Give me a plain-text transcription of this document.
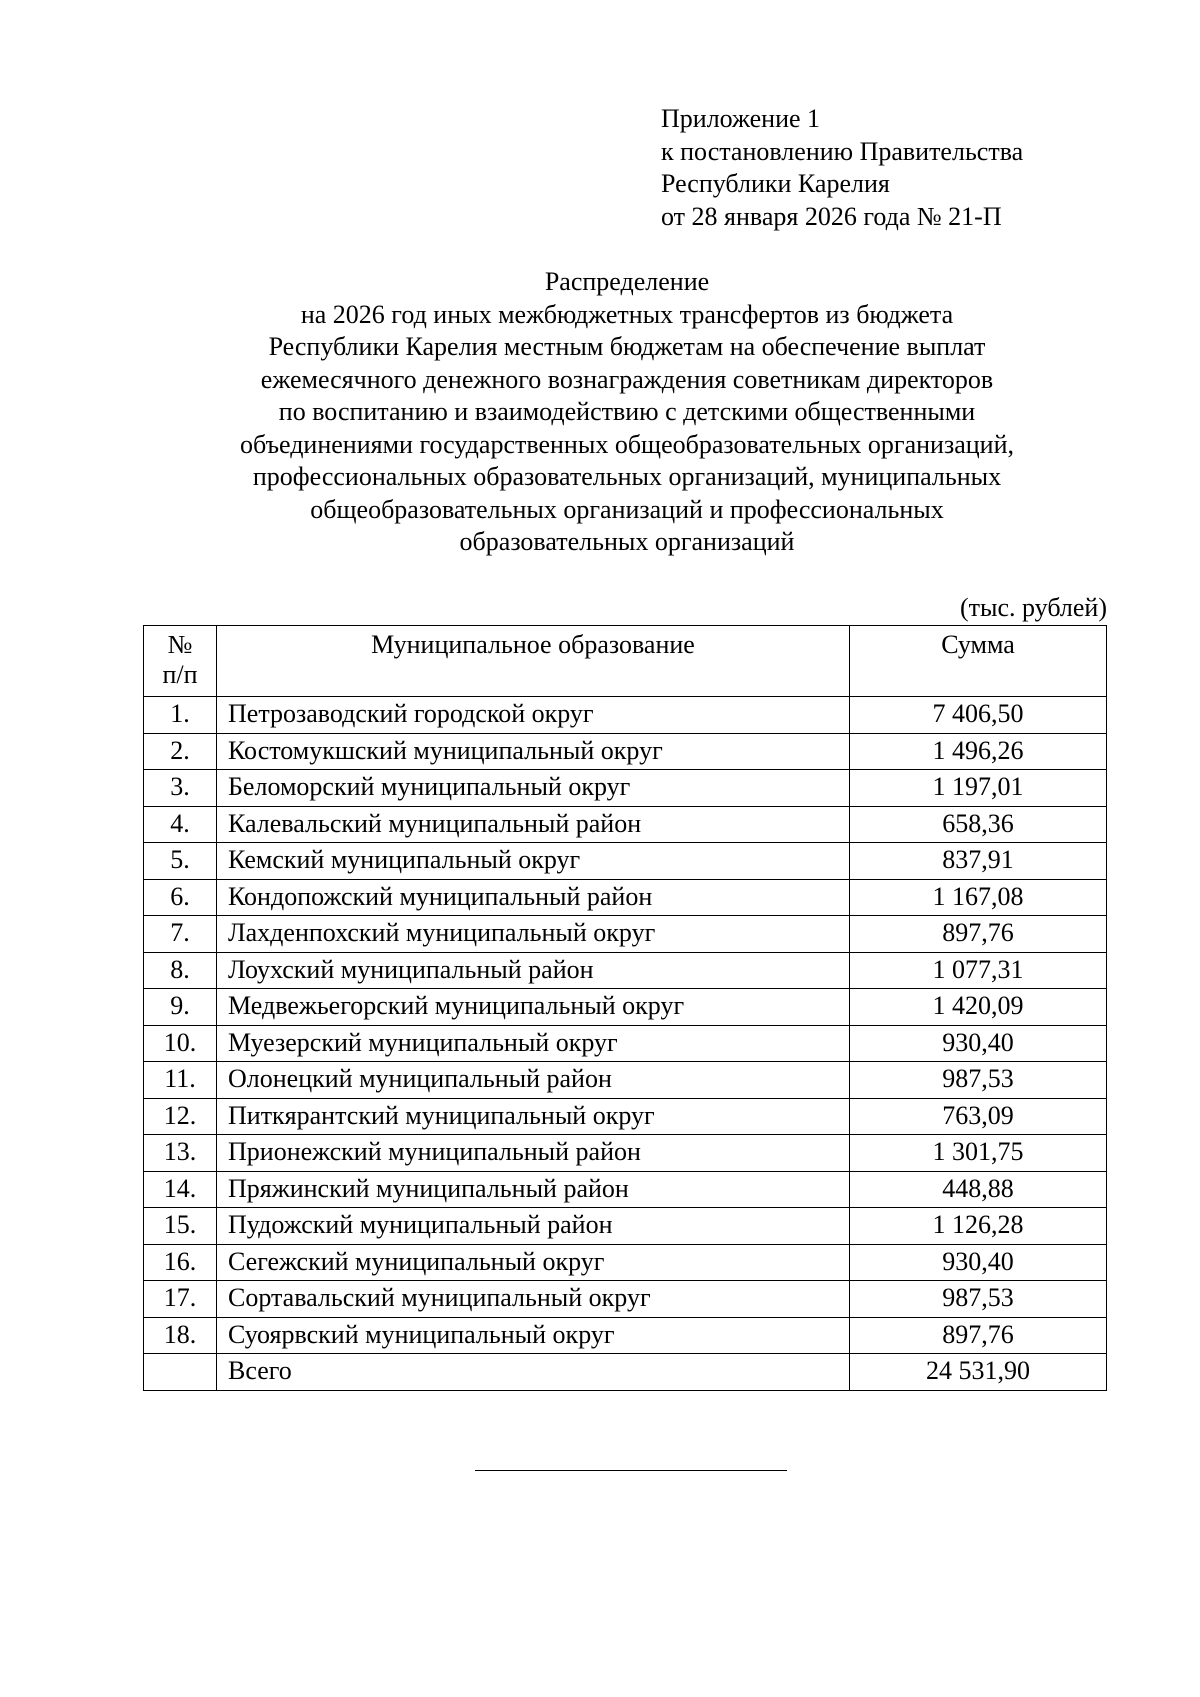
Приложение 1
к постановлению Правительства
Республики Карелия
от 28 января 2026 года № 21-П
Распределение
на 2026 год иных межбюджетных трансфертов из бюджета
Республики Карелия местным бюджетам на обеспечение выплат
ежемесячного денежного вознаграждения советникам директоров
по воспитанию и взаимодействию с детскими общественными
объединениями государственных общеобразовательных организаций,
профессиональных образовательных организаций, муниципальных
общеобразовательных организаций и профессиональных
образовательных организаций
(тыс. рублей)
№
п/п	Муниципальное образование	Сумма
1.	Петрозаводский городской округ	7 406,50
2.	Костомукшский муниципальный округ	1 496,26
3.	Беломорский муниципальный округ	1 197,01
4.	Калевальский муниципальный район	658,36
5.	Кемский муниципальный округ	837,91
6.	Кондопожский муниципальный район	1 167,08
7.	Лахденпохский муниципальный округ	897,76
8.	Лоухский муниципальный район	1 077,31
9.	Медвежьегорский муниципальный округ	1 420,09
10.	Муезерский муниципальный округ	930,40
11.	Олонецкий муниципальный район	987,53
12.	Питкярантский муниципальный округ	763,09
13.	Прионежский муниципальный район	1 301,75
14.	Пряжинский муниципальный район	448,88
15.	Пудожский муниципальный район	1 126,28
16.	Сегежский муниципальный округ	930,40
17.	Сортавальский муниципальный округ	987,53
18.	Суоярвский муниципальный округ	897,76
	Всего	24 531,90
